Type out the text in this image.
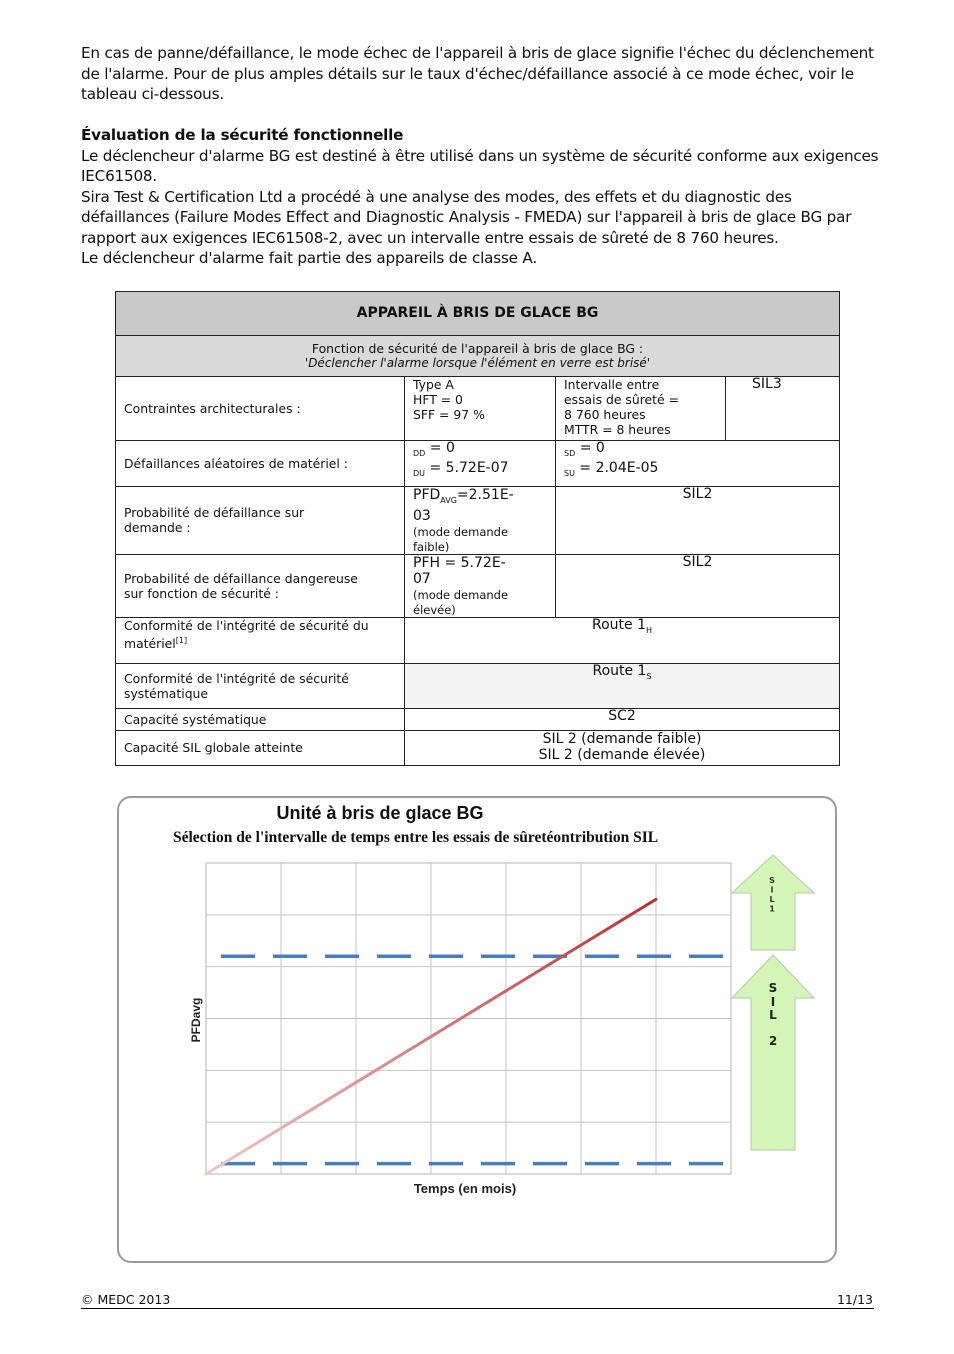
En cas de panne/défaillance, le mode échec de l'appareil à bris de glace signifie l'échec du déclenchement de l'alarme. Pour de plus amples détails sur le taux d'échec/défaillance associé à ce mode échec, voir le tableau ci-dessous.

Évaluation de la sécurité fonctionnelle

Le déclencheur d'alarme BG est destiné à être utilisé dans un système de sécurité conforme aux exigences IEC61508.

Sira Test & Certification Ltd a procédé à une analyse des modes, des effets et du diagnostic des défaillances (Failure Modes Effect and Diagnostic Analysis - FMEDA) sur l'appareil à bris de glace BG par rapport aux exigences IEC61508-2, avec un intervalle entre essais de sûreté de 8 760 heures.

Le déclencheur d'alarme fait partie des appareils de classe A.

APPAREIL À BRIS DE GLACE BG			
Fonction de sécurité de l'appareil à bris de glace BG :
'Déclencher l'alarme lorsque l'élément en verre est brisé'			
Contraintes architecturales :	Type A
HFT = 0
SFF = 97 %	Intervalle entre
essais de sûreté =
8 760 heures
MTTR = 8 heures	SIL3
Défaillances aléatoires de matériel :	$_{DD}$ = 0
$_{DU}$ = 5.72E-07	$_{SD}$ = 0
$_{SU}$ = 2.04E-05	
Probabilité de défaillance sur
demande :	$PFD_{AVG}=2.51E-$
03
(mode demande
faible)	SIL2	
Probabilité de défaillance dangereuse
sur fonction de sécurité :	PFH = 5.72E-
07
(mode demande
élevée)	SIL2	
Conformité de l'intégrité de sécurité du
matériel[1]	Route $1_H$
Conformité de l'intégrité de sécurité
systématique	Route $1_S$
Capacité systématique	SC2		
Capacité SIL globale atteinte	SIL 2 (demande faible)
SIL 2 (demande élevée)		
Unité à bris de glace BG
Sélection de l'intervalle de temps entre les essais de sûretéontribution SIL
Temps (en mois)
PFDavg
S
I
L
1
S
I
L
2
© MEDC 2013	11/13
